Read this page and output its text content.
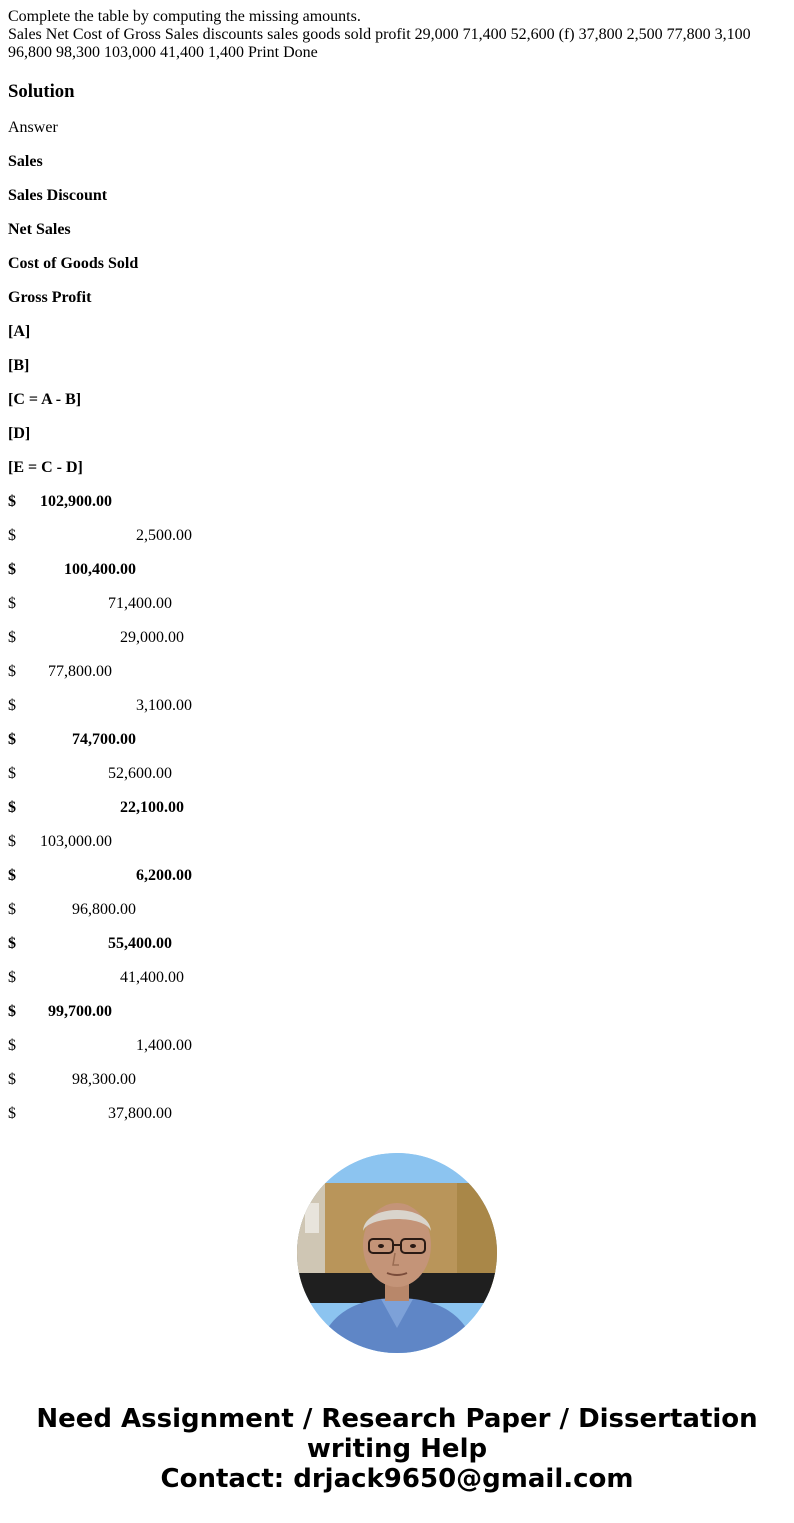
Complete the table by computing the missing amounts.

Sales Net Cost of Gross Sales discounts sales goods sold profit 29,000 71,400 52,600 (f) 37,800 2,500 77,800 3,100 96,800 98,300 103,000 41,400 1,400 Print Done

Solution

Answer

Sales

Sales Discount

Net Sales

Cost of Goods Sold

Gross Profit

[A]

[B]

[C = A - B]

[D]

[E = C - D]

$      102,900.00

$                              2,500.00

$            100,400.00

$                       71,400.00

$                          29,000.00

$        77,800.00

$                              3,100.00

$              74,700.00

$                       52,600.00

$                          22,100.00

$      103,000.00

$                              6,200.00

$              96,800.00

$                       55,400.00

$                          41,400.00

$        99,700.00

$                              1,400.00

$              98,300.00

$                       37,800.00

Need Assignment / Research Paper / Dissertation
writing Help
Contact: drjack9650@gmail.com
